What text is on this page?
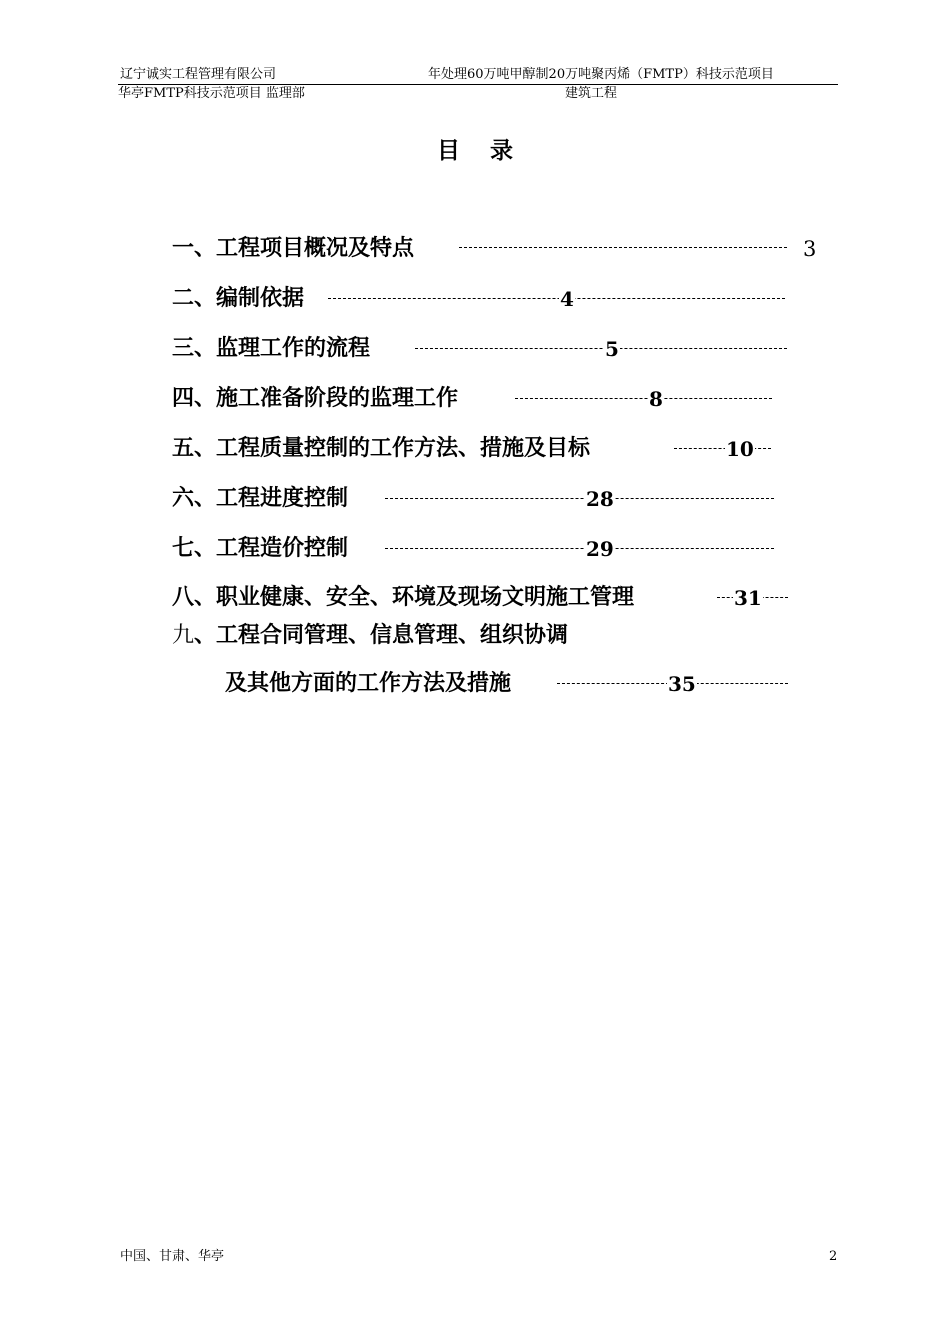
辽宁诚实工程管理有限公司	年处理60万吨甲醇制20万吨聚丙烯（FMTP）科技示范项目
华亭FMTP科技示范项目 监理部	建筑工程
目录
一、工程项目概况及特点	3
二、编制依据	4
三、监理工作的流程	5
四、施工准备阶段的监理工作	8
五、工程质量控制的工作方法、措施及目标	10
六、工程进度控制	28
七、工程造价控制	29
八、职业健康、安全、环境及现场文明施工管理	31
九、工程合同管理、信息管理、组织协调
及其他方面的工作方法及措施	35
中国、甘肃、华亭	2
